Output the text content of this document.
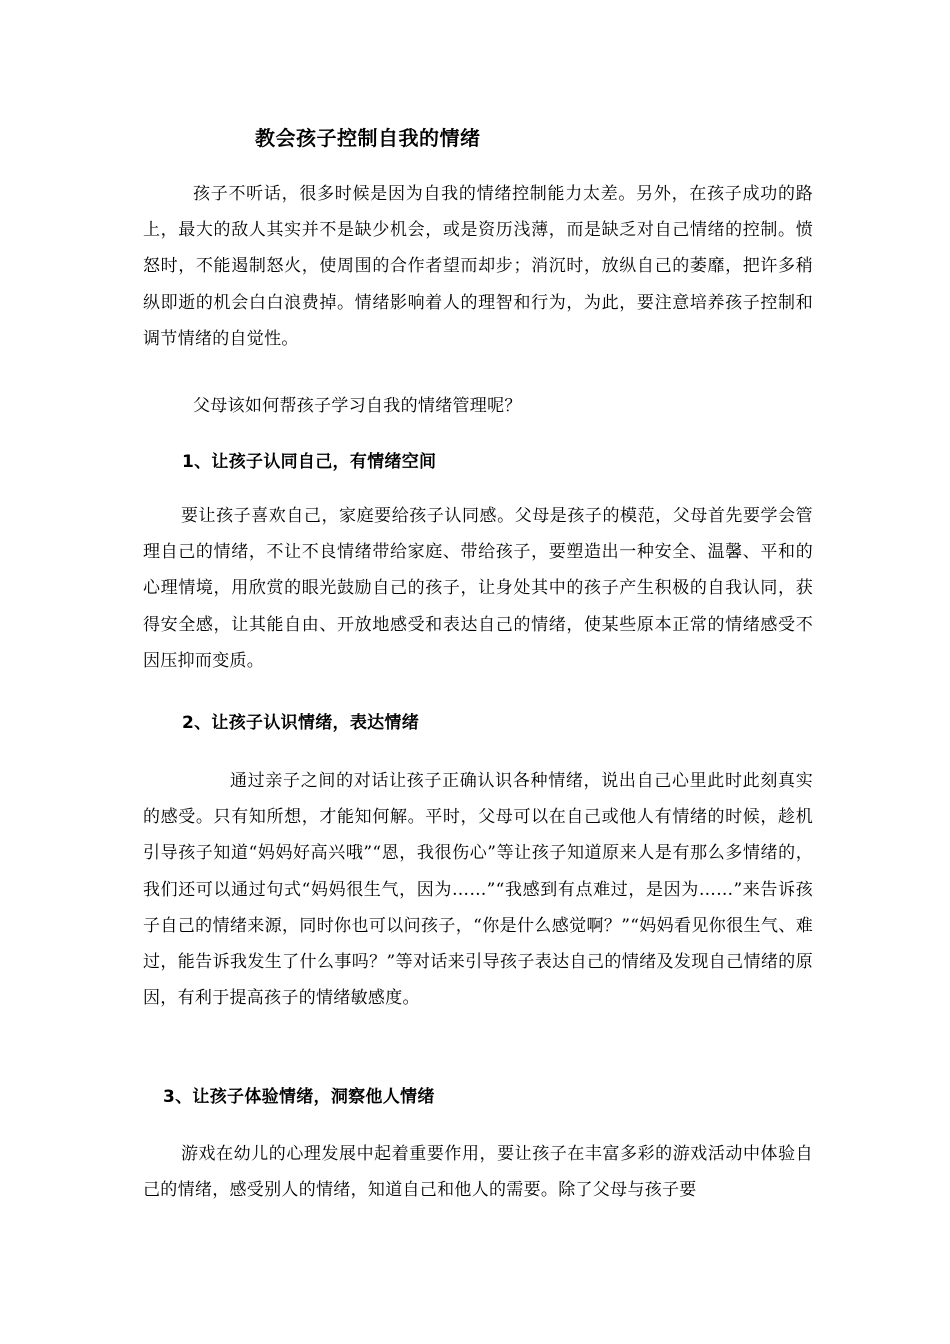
教会孩子控制自我的情绪
孩子不听话，很多时候是因为自我的情绪控制能力太差。另外，在孩子成功的路上，最大的敌人其实并不是缺少机会，或是资历浅薄，而是缺乏对自己情绪的控制。愤怒时，不能遏制怒火，使周围的合作者望而却步；消沉时，放纵自己的萎靡，把许多稍纵即逝的机会白白浪费掉。情绪影响着人的理智和行为，为此，要注意培养孩子控制和调节情绪的自觉性。
父母该如何帮孩子学习自我的情绪管理呢？
1、让孩子认同自己，有情绪空间
要让孩子喜欢自己，家庭要给孩子认同感。父母是孩子的模范，父母首先要学会管理自己的情绪，不让不良情绪带给家庭、带给孩子，要塑造出一种安全、温馨、平和的心理情境，用欣赏的眼光鼓励自己的孩子，让身处其中的孩子产生积极的自我认同，获得安全感，让其能自由、开放地感受和表达自己的情绪，使某些原本正常的情绪感受不因压抑而变质。
2、让孩子认识情绪，表达情绪
通过亲子之间的对话让孩子正确认识各种情绪，说出自己心里此时此刻真实的感受。只有知所想，才能知何解。平时，父母可以在自己或他人有情绪的时候，趁机引导孩子知道“妈妈好高兴哦”“恩，我很伤心”等让孩子知道原来人是有那么多情绪的，我们还可以通过句式“妈妈很生气，因为……”“我感到有点难过，是因为……”来告诉孩子自己的情绪来源，同时你也可以问孩子，“你是什么感觉啊？”“妈妈看见你很生气、难过，能告诉我发生了什么事吗？”等对话来引导孩子表达自己的情绪及发现自己情绪的原因，有利于提高孩子的情绪敏感度。
3、让孩子体验情绪，洞察他人情绪
游戏在幼儿的心理发展中起着重要作用，要让孩子在丰富多彩的游戏活动中体验自己的情绪，感受别人的情绪，知道自己和他人的需要。除了父母与孩子要
